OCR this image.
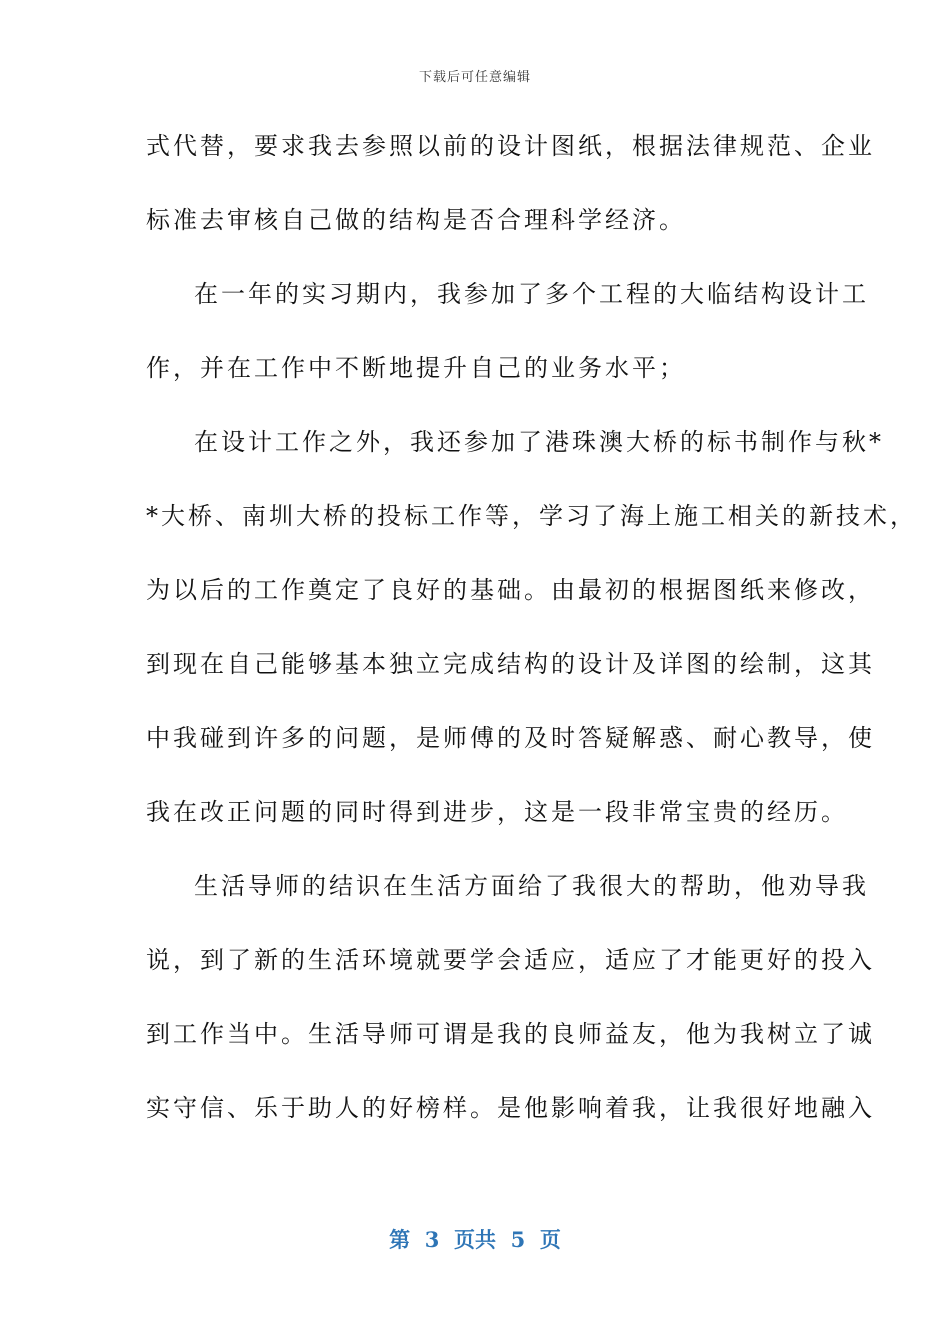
下载后可任意编辑
式代替，要求我去参照以前的设计图纸，根据法律规范、企业
标准去审核自己做的结构是否合理科学经济。
在一年的实习期内，我参加了多个工程的大临结构设计工
作，并在工作中不断地提升自己的业务水平；
在设计工作之外，我还参加了港珠澳大桥的标书制作与秋*
*大桥、南圳大桥的投标工作等，学习了海上施工相关的新技术，
为以后的工作奠定了良好的基础。由最初的根据图纸来修改，
到现在自己能够基本独立完成结构的设计及详图的绘制，这其
中我碰到许多的问题，是师傅的及时答疑解惑、耐心教导，使
我在改正问题的同时得到进步，这是一段非常宝贵的经历。
生活导师的结识在生活方面给了我很大的帮助，他劝导我
说，到了新的生活环境就要学会适应，适应了才能更好的投入
到工作当中。生活导师可谓是我的良师益友，他为我树立了诚
实守信、乐于助人的好榜样。是他影响着我，让我很好地融入
第  3  页共  5  页
